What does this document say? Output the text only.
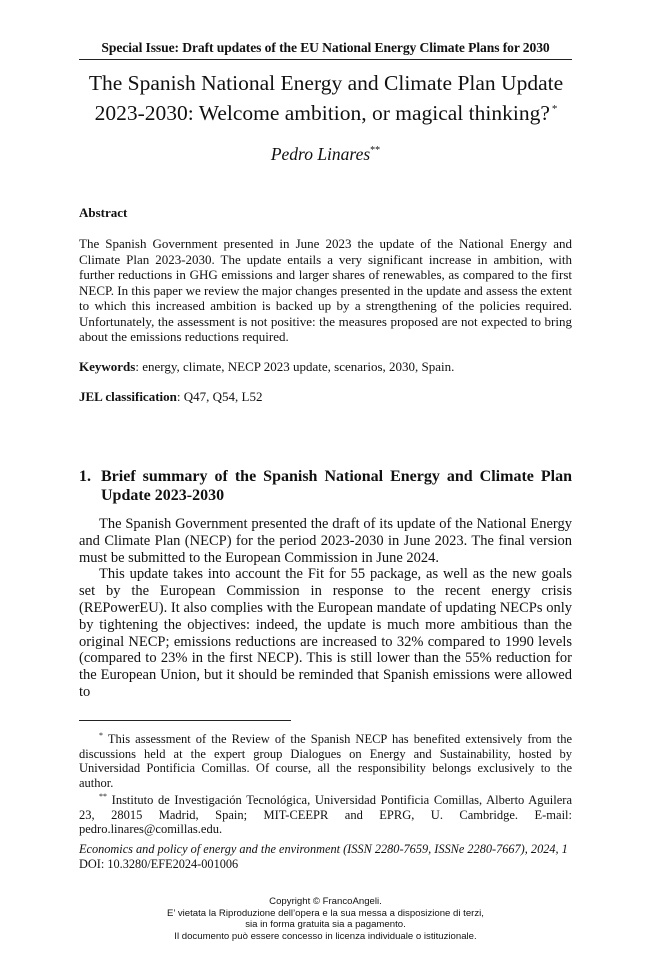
Special Issue: Draft updates of the EU National Energy Climate Plans for 2030
The Spanish National Energy and Climate Plan Update 2023-2030: Welcome ambition, or magical thinking? *
Pedro Linares**
Abstract
The Spanish Government presented in June 2023 the update of the National Energy and Climate Plan 2023-2030. The update entails a very significant increase in ambition, with further reductions in GHG emissions and larger shares of renewables, as compared to the first NECP. In this paper we review the major changes presented in the update and assess the extent to which this increased ambition is backed up by a strengthening of the policies required. Unfortunately, the assessment is not positive: the measures proposed are not expected to bring about the emissions reductions required.
Keywords: energy, climate, NECP 2023 update, scenarios, 2030, Spain.
JEL classification: Q47, Q54, L52
1. Brief summary of the Spanish National Energy and Climate Plan Update 2023-2030

The Spanish Government presented the draft of its update of the National Energy and Climate Plan (NECP) for the period 2023-2030 in June 2023. The final version must be submitted to the European Commission in June 2024.

This update takes into account the Fit for 55 package, as well as the new goals set by the European Commission in response to the recent energy crisis (REPowerEU). It also complies with the European mandate of updating NECPs only by tightening the objectives: indeed, the update is much more ambitious than the original NECP; emissions reductions are increased to 32% compared to 1990 levels (compared to 23% in the first NECP). This is still lower than the 55% reduction for the European Union, but it should be reminded that Spanish emissions were allowed to

* This assessment of the Review of the Spanish NECP has benefited extensively from the discussions held at the expert group Dialogues on Energy and Sustainability, hosted by Universidad Pontificia Comillas. Of course, all the responsibility belongs exclusively to the author.

** Instituto de Investigación Tecnológica, Universidad Pontificia Comillas, Alberto Aguilera 23, 28015 Madrid, Spain; MIT-CEEPR and EPRG, U. Cambridge. E-mail: pedro.linares@comillas.edu.

Economics and policy of energy and the environment (ISSN 2280-7659, ISSNe 2280-7667), 2024, 1
DOI: 10.3280/EFE2024-001006
Copyright © FrancoAngeli.
E’ vietata la Riproduzione dell’opera e la sua messa a disposizione di terzi,
sia in forma gratuita sia a pagamento.
Il documento può essere concesso in licenza individuale o istituzionale.
